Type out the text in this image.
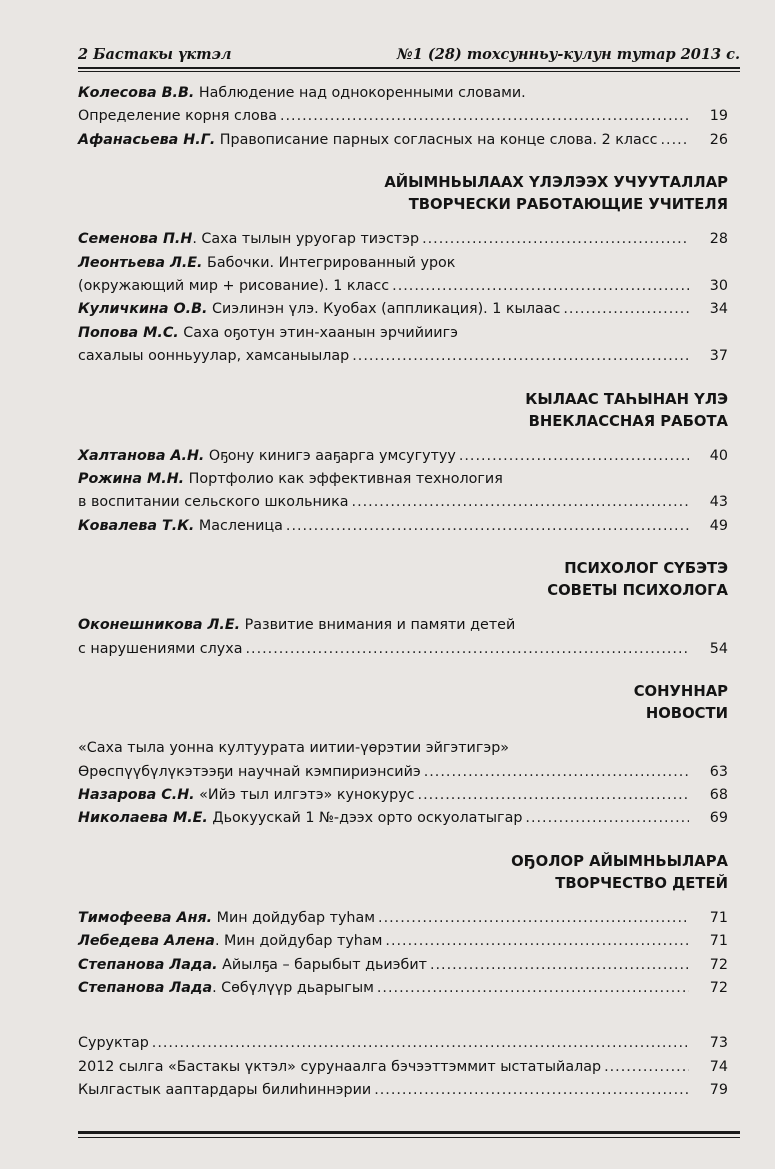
2 Бастакы үктэл	№1 (28) тохсунньу-кулун тутар 2013 с.
Колесова В.В. Наблюдение над однокоренными словами.
Определение корня слова .....	19
Афанасьева Н.Г. Правописание парных согласных на конце слова. 2 класс .....	26
АЙЫМНЬЫЛААХ ҮЛЭЛЭЭХ УЧУУТАЛЛАР
ТВОРЧЕСКИ РАБОТАЮЩИЕ УЧИТЕЛЯ
Семенова П.Н. Саха тылын уруогар тиэстэр .....	28
Леонтьева Л.Е. Бабочки. Интегрированный урок
(окружающий мир + рисование). 1 класс .....	30
Куличкина О.В. Сиэлинэн үлэ. Куобах (аппликация). 1 кылаас .....	34
Попова М.С. Саха оҕотун этин-хаанын эрчийиигэ
сахалыы оонньуулар, хамсаныылар .....	37
КЫЛААС ТАҺЫНАН ҮЛЭ
ВНЕКЛАССНАЯ РАБОТА
Халтанова А.Н. Оҕону кинигэ ааҕарга умсугутуу .....	40
Рожина М.Н. Портфолио как эффективная технология
в воспитании сельского школьника .....	43
Ковалева Т.К. Масленица .....	49
ПСИХОЛОГ СҮБЭТЭ
СОВЕТЫ ПСИХОЛОГА
Оконешникова Л.Е. Развитие внимания и памяти детей
с нарушениями слуха .....	54
СОНУННАР
НОВОСТИ
«Саха тыла уонна култуурата иитии-үөрэтии эйгэтигэр»
Өрөспүүбүлүкэтээҕи научнай кэмпириэнсийэ .....	63
Назарова С.Н. «Ийэ тыл илгэтэ» кунокурус .....	68
Николаева М.Е. Дьокуускай 1 №-дээх орто оскуолатыгар .....	69
ОҔОЛОР АЙЫМНЬЫЛАРА
ТВОРЧЕСТВО ДЕТЕЙ
Тимофеева Аня. Мин дойдубар туһам .....	71
Лебедева Алена. Мин дойдубар туһам .....	71
Степанова Лада. Айылҕа – барыбыт дьиэбит .....	72
Степанова Лада. Сөбүлүүр дьарыгым .....	72
Суруктар .....	73
2012 сылга «Бастакы үктэл» сурунаалга бэчээттэммит ыстатыйалар .....	74
Кылгастык ааптардары билиһиннэрии .....	79
